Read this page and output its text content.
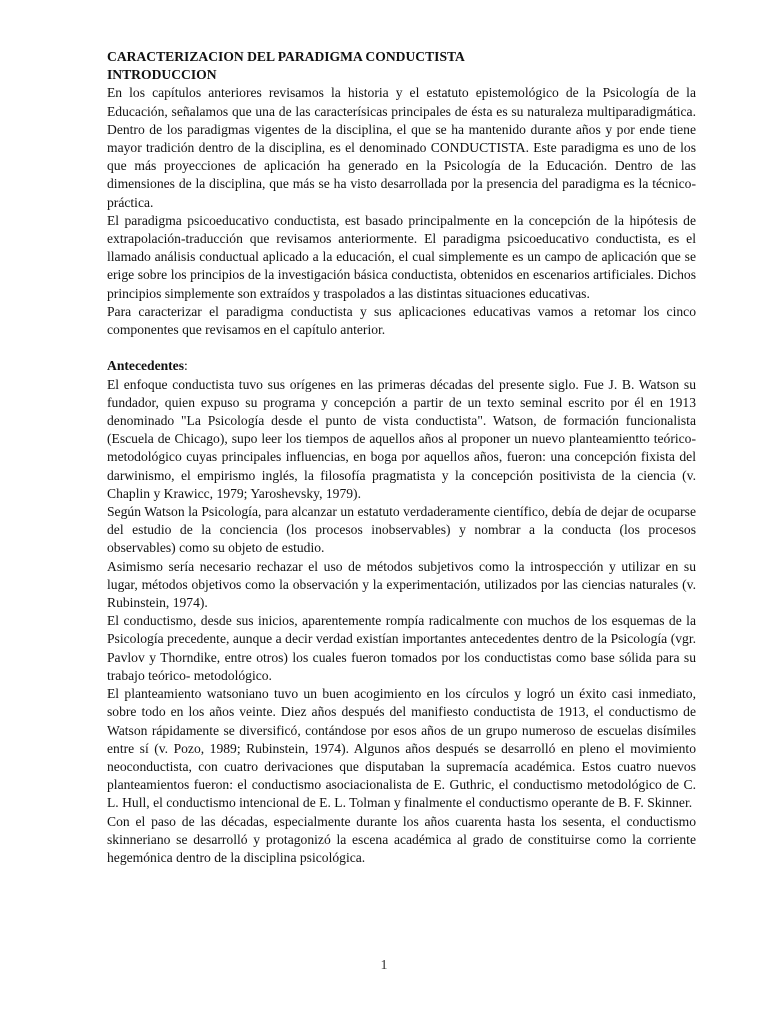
CARACTERIZACION DEL PARADIGMA CONDUCTISTA

INTRODUCCION

En los capítulos anteriores revisamos la historia y el estatuto epistemológico de la Psicología de la Educación, señalamos que una de las caracterísicas principales de ésta es su naturaleza multiparadigmática. Dentro de los paradigmas vigentes de la disciplina, el que se ha mantenido durante años y por ende tiene mayor tradición dentro de la disciplina, es el denominado CONDUCTISTA. Este paradigma es uno de los que más proyecciones de aplicación ha generado en la Psicología de la Educación. Dentro de las dimensiones de la disciplina, que más se ha visto desarrollada por la presencia del paradigma es la técnico-práctica.

El paradigma psicoeducativo conductista, est basado principalmente en la concepción de la hipótesis de extrapolación-traducción que revisamos anteriormente. El paradigma psicoeducativo conductista, es el llamado análisis conductual aplicado a la educación, el cual simplemente es un campo de aplicación que se erige sobre los principios de la investigación básica conductista, obtenidos en escenarios artificiales. Dichos principios simplemente son extraídos y traspolados a las distintas situaciones educativas.

Para caracterizar el paradigma conductista y sus aplicaciones educativas vamos a retomar los cinco componentes que revisamos en el capítulo anterior.

Antecedentes:

El enfoque conductista tuvo sus orígenes en las primeras décadas del presente siglo. Fue J. B. Watson su fundador, quien expuso su programa y concepción a partir de un texto seminal escrito por él en 1913 denominado "La Psicología desde el punto de vista conductista". Watson, de formación funcionalista (Escuela de Chicago), supo leer los tiempos de aquellos años al proponer un nuevo planteamientto teórico- metodológico cuyas principales influencias, en boga por aquellos años, fueron: una concepción fixista del darwinismo, el empirismo inglés, la filosofía pragmatista y la concepción positivista de la ciencia (v. Chaplin y Krawicc, 1979; Yaroshevsky, 1979).

Según Watson la Psicología, para alcanzar un estatuto verdaderamente científico, debía de dejar de ocuparse del estudio de la conciencia (los procesos inobservables) y nombrar a la conducta (los procesos observables) como su objeto de estudio.

Asimismo sería necesario rechazar el uso de métodos subjetivos como la introspección y utilizar en su lugar, métodos objetivos como la observación y la experimentación, utilizados por las ciencias naturales (v. Rubinstein, 1974).

El conductismo, desde sus inicios, aparentemente rompía radicalmente con muchos de los esquemas de la Psicología precedente, aunque a decir verdad existían importantes antecedentes dentro de la Psicología (vgr. Pavlov y Thorndike, entre otros) los cuales fueron tomados por los conductistas como base sólida para su trabajo teórico- metodológico.

El planteamiento watsoniano tuvo un buen acogimiento en los círculos y logró un éxito casi inmediato, sobre todo en los años veinte. Diez años después del manifiesto conductista de 1913, el conductismo de Watson rápidamente se diversificó, contándose por esos años de un grupo numeroso de escuelas disímiles entre sí (v. Pozo, 1989; Rubinstein, 1974). Algunos años después se desarrolló en pleno el movimiento neoconductista, con cuatro derivaciones que disputaban la supremacía académica. Estos cuatro nuevos planteamientos fueron: el conductismo asociacionalista de E. Guthric, el conductismo metodológico de C. L. Hull, el conductismo intencional de E. L. Tolman y finalmente el conductismo operante de B. F. Skinner.

Con el paso de las décadas, especialmente durante los años cuarenta hasta los sesenta, el conductismo skinneriano se desarrolló y protagonizó la escena académica al grado de constituirse como la corriente hegemónica dentro de la disciplina psicológica.

1
